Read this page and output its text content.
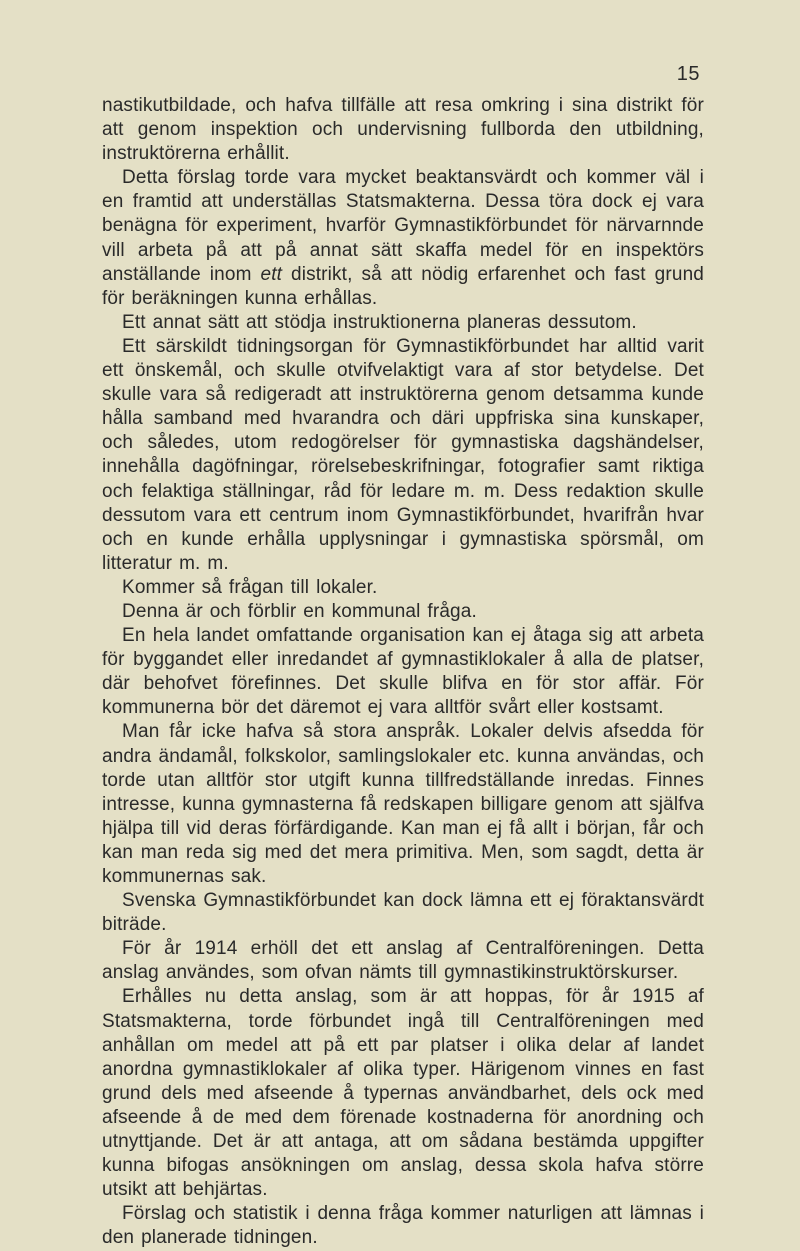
15

nastikutbildade, och hafva tillfälle att resa omkring i sina distrikt för att genom inspektion och undervisning fullborda den utbildning, instruktörerna erhållit.

Detta förslag torde vara mycket beaktansvärdt och kommer väl i en framtid att underställas Statsmakterna. Dessa töra dock ej vara benägna för experiment, hvarför Gymnastikförbundet för närvarnnde vill arbeta på att på annat sätt skaffa medel för en inspektörs anställande inom ett distrikt, så att nödig erfarenhet och fast grund för beräkningen kunna erhållas.

Ett annat sätt att stödja instruktionerna planeras dessutom.

Ett särskildt tidningsorgan för Gymnastikförbundet har alltid varit ett önskemål, och skulle otvifvelaktigt vara af stor betydelse. Det skulle vara så redigeradt att instruktörerna genom detsamma kunde hålla samband med hvarandra och däri uppfriska sina kunskaper, och således, utom redogörelser för gymnastiska dagshändelser, innehålla dagöfningar, rörelsebeskrifningar, fotografier samt riktiga och felaktiga ställningar, råd för ledare m. m. Dess redaktion skulle dessutom vara ett centrum inom Gymnastikförbundet, hvarifrån hvar och en kunde erhålla upplysningar i gymnastiska spörsmål, om litteratur m. m.

Kommer så frågan till lokaler.

Denna är och förblir en kommunal fråga.

En hela landet omfattande organisation kan ej åtaga sig att arbeta för byggandet eller inredandet af gymnastiklokaler å alla de platser, där behofvet förefinnes. Det skulle blifva en för stor affär. För kommunerna bör det däremot ej vara alltför svårt eller kostsamt.

Man får icke hafva så stora anspråk. Lokaler delvis afsedda för andra ändamål, folkskolor, samlingslokaler etc. kunna användas, och torde utan alltför stor utgift kunna tillfredställande inredas. Finnes intresse, kunna gymnasterna få redskapen billigare genom att själfva hjälpa till vid deras förfärdigande. Kan man ej få allt i början, får och kan man reda sig med det mera primitiva. Men, som sagdt, detta är kommunernas sak.

Svenska Gymnastikförbundet kan dock lämna ett ej föraktansvärdt biträde.

För år 1914 erhöll det ett anslag af Centralföreningen. Detta anslag användes, som ofvan nämts till gymnastikinstruktörskurser.

Erhålles nu detta anslag, som är att hoppas, för år 1915 af Statsmakterna, torde förbundet ingå till Centralföreningen med anhållan om medel att på ett par platser i olika delar af landet anordna gymnastiklokaler af olika typer. Härigenom vinnes en fast grund dels med afseende å typernas användbarhet, dels ock med afseende å de med dem förenade kostnaderna för anordning och utnyttjande. Det är att antaga, att om sådana bestämda uppgifter kunna bifogas ansökningen om anslag, dessa skola hafva större utsikt att behjärtas.

Förslag och statistik i denna fråga kommer naturligen att lämnas i den planerade tidningen.
